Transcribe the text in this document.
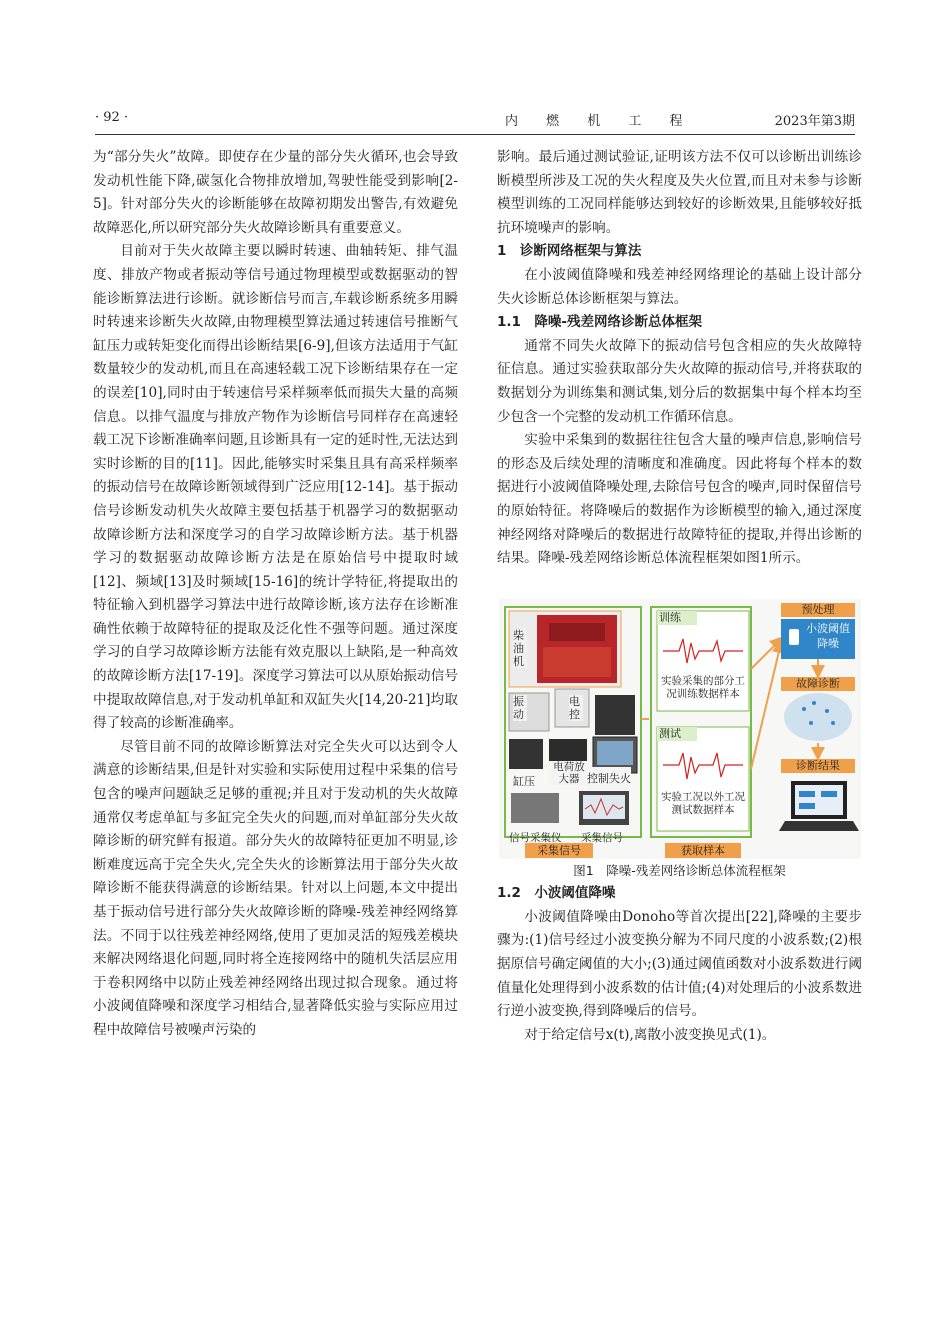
· 92 ·	内 燃 机 工 程	2023年第3期

为“部分失火”故障。即使存在少量的部分失火循环,也会导致发动机性能下降,碳氢化合物排放增加,驾驶性能受到影响[2-5]。针对部分失火的诊断能够在故障初期发出警告,有效避免故障恶化,所以研究部分失火故障诊断具有重要意义。

目前对于失火故障主要以瞬时转速、曲轴转矩、排气温度、排放产物或者振动等信号通过物理模型或数据驱动的智能诊断算法进行诊断。就诊断信号而言,车载诊断系统多用瞬时转速来诊断失火故障,由物理模型算法通过转速信号推断气缸压力或转矩变化而得出诊断结果[6-9],但该方法适用于气缸数量较少的发动机,而且在高速轻载工况下诊断结果存在一定的误差[10],同时由于转速信号采样频率低而损失大量的高频信息。以排气温度与排放产物作为诊断信号同样存在高速轻载工况下诊断准确率问题,且诊断具有一定的延时性,无法达到实时诊断的目的[11]。因此,能够实时采集且具有高采样频率的振动信号在故障诊断领域得到广泛应用[12-14]。基于振动信号诊断发动机失火故障主要包括基于机器学习的数据驱动故障诊断方法和深度学习的自学习故障诊断方法。基于机器学习的数据驱动故障诊断方法是在原始信号中提取时域[12]、频域[13]及时频域[15-16]的统计学特征,将提取出的特征输入到机器学习算法中进行故障诊断,该方法存在诊断准确性依赖于故障特征的提取及泛化性不强等问题。通过深度学习的自学习故障诊断方法能有效克服以上缺陷,是一种高效的故障诊断方法[17-19]。深度学习算法可以从原始振动信号中提取故障信息,对于发动机单缸和双缸失火[14,20-21]均取得了较高的诊断准确率。

尽管目前不同的故障诊断算法对完全失火可以达到令人满意的诊断结果,但是针对实验和实际使用过程中采集的信号包含的噪声问题缺乏足够的重视;并且对于发动机的失火故障通常仅考虑单缸与多缸完全失火的问题,而对单缸部分失火故障诊断的研究鲜有报道。部分失火的故障特征更加不明显,诊断难度远高于完全失火,完全失火的诊断算法用于部分失火故障诊断不能获得满意的诊断结果。针对以上问题,本文中提出基于振动信号进行部分失火故障诊断的降噪-残差神经网络算法。不同于以往残差神经网络,使用了更加灵活的短残差模块来解决网络退化问题,同时将全连接网络中的随机失活层应用于卷积网络中以防止残差神经网络出现过拟合现象。通过将小波阈值降噪和深度学习相结合,显著降低实验与实际应用过程中故障信号被噪声污染的

影响。最后通过测试验证,证明该方法不仅可以诊断出训练诊断模型所涉及工况的失火程度及失火位置,而且对未参与诊断模型训练的工况同样能够达到较好的诊断效果,且能够较好抵抗环境噪声的影响。

1　诊断网络框架与算法

在小波阈值降噪和残差神经网络理论的基础上设计部分失火诊断总体诊断框架与算法。

1.1　降噪-残差网络诊断总体框架

通常不同失火故障下的振动信号包含相应的失火故障特征信息。通过实验获取部分失火故障的振动信号,并将获取的数据划分为训练集和测试集,划分后的数据集中每个样本均至少包含一个完整的发动机工作循环信息。

实验中采集到的数据往往包含大量的噪声信息,影响信号的形态及后续处理的清晰度和准确度。因此将每个样本的数据进行小波阈值降噪处理,去除信号包含的噪声,同时保留信号的原始特征。将降噪后的数据作为诊断模型的输入,通过深度神经网络对降噪后的数据进行故障特征的提取,并得出诊断的结果。降噪-残差网络诊断总体流程框架如图1所示。

柴油机
振动
电控
缸压
电荷放大器 控制失火
信号采集仪 采集信号
采集信号
训练
实验采集的部分工况训练数据样本
测试
实验工况以外工况测试数据样本
获取样本
预处理
小波阈值降噪
故障诊断
诊断结果

图1　降噪-残差网络诊断总体流程框架

1.2　小波阈值降噪

小波阈值降噪由Donoho等首次提出[22],降噪的主要步骤为:(1)信号经过小波变换分解为不同尺度的小波系数;(2)根据原信号确定阈值的大小;(3)通过阈值函数对小波系数进行阈值量化处理得到小波系数的估计值;(4)对处理后的小波系数进行逆小波变换,得到降噪后的信号。

对于给定信号x(t),离散小波变换见式(1)。
